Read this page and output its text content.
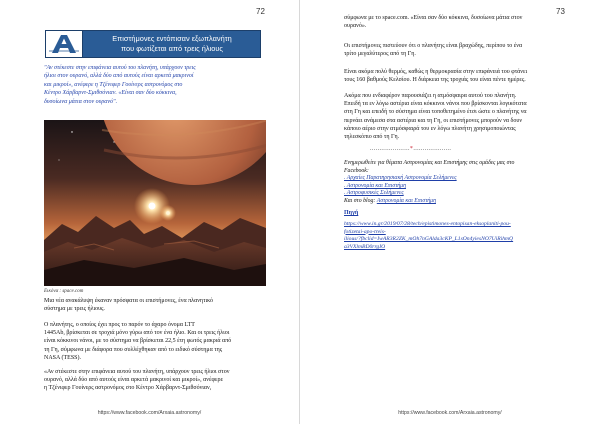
72
Επιστήμονες εντόπισαν εξωπλανήτη
που φωτίζεται από τρεις ήλιους
"Αν στέκεστε στην επιφάνεια αυτού του πλανήτη, υπάρχουν τρεις
ήλιοι στον ουρανό, αλλά δύο από αυτούς είναι αρκετά μακρινοί
και μικροί», ανέφερε η Τζένιφερ Γουίνερς αστρονόμος στο
Κέντρο Χάρβαρντ-Σμιθσόνιαν. «Είναι σαν δύο κόκκινα,
δυσοίωνα μάτια στον ουρανό".
Εικόνα : space.com
Μια νέα ανακάλυψη έκαναν πρόσφατα οι επιστήμονες, ένα πλανητικό
σύστημα με τρεις ήλιους.
Ο πλανήτης, ο οποίος έχει προς το παρόν το άχαρο όνομα LTT
1445Ab, βρίσκεται σε τροχιά μόνο γύρω από τον ένα ήλιο. Και οι τρεις ήλιοι
είναι κόκκινοι νάνοι, με το σύστημα να βρίσκεται 22,5 έτη φωτός μακριά από
τη Γη, σύμφωνα με διάφορα που συλλέχθηκαν από το ειδικό σύστημα της
NASA (TESS).
«Αν στέκεστε στην επιφάνεια αυτού του πλανήτη, υπάρχουν τρεις ήλιοι στον
ουρανό, αλλά δύο από αυτούς είναι αρκετά μακρινοί και μικροί», ανέφερε
η Τζένιφερ Γουίνερς αστρονόμος στο Κέντρο Χάρβαρντ-Σμιθσόνιαν,
https://www.facebook.com/Arxaia.astronomy/
73
σύμφωνα με το space.com. «Είναι σαν δύο κόκκινα, δυσοίωνα μάτια στον
ουρανό».
Οι επιστήμονες πιστεύουν ότι ο πλανήτης είναι βραχώδης, περίπου το ένα
τρίτο μεγαλύτερος από τη Γη.
Είναι ακόμα πολύ θερμός, καθώς η θερμοκρασία στην επιφάνειά του φτάνει
τους 160 βαθμούς Κελσίου. Η διάρκεια της τροχιάς του είναι πέντε ημέρες.
Ακόμα που ενδιαφέρον παρουσιάζει η ατμόσφαιρα αυτού του πλανήτη.
Επειδή τα εν λόγω αστέρια είναι κόκκινοι νάνοι που βρίσκονται λογικότατα
στη Γη και επειδή το σύστημα είναι τοποθετημένο έτσι ώστε ο πλανήτης να
περνάει ανάμεσα στα αστέρια και τη Γη, οι επιστήμονες μπορούν να δουν
κάποιο αέριο στην ατμόσφαιρά του εν λόγω πλανήτη χρησιμοποιώντας
τηλεσκόπιο από τη Γη.
.....................*....................
Ενημερωθείτε για θέματα Αστρονομίας και Επιστήμης στις ομάδες μας στο
Facebook:
. Αρχαίες Παρατηρησιακή Αστρονομία Σελήμενες
. Αστρονομία και Επιστήμη
. Αστροφυσικές Σελήμενες
Και στο blog: Αστρονομία και Επιστήμη
Πηγή
https://www.in.gr/2019/07/28/tech/epistimones-entopisan-eksoplaniti-pou-
fotizetai-apo-treis-
ilious/?fbclid=IwAR3R2ZK_mOh7nGAlda3cKP_L1sOn4yiesNO7UiRihmQ
a3VXlmBD0rrgIO
https://www.facebook.com/Arxaia.astronomy/
